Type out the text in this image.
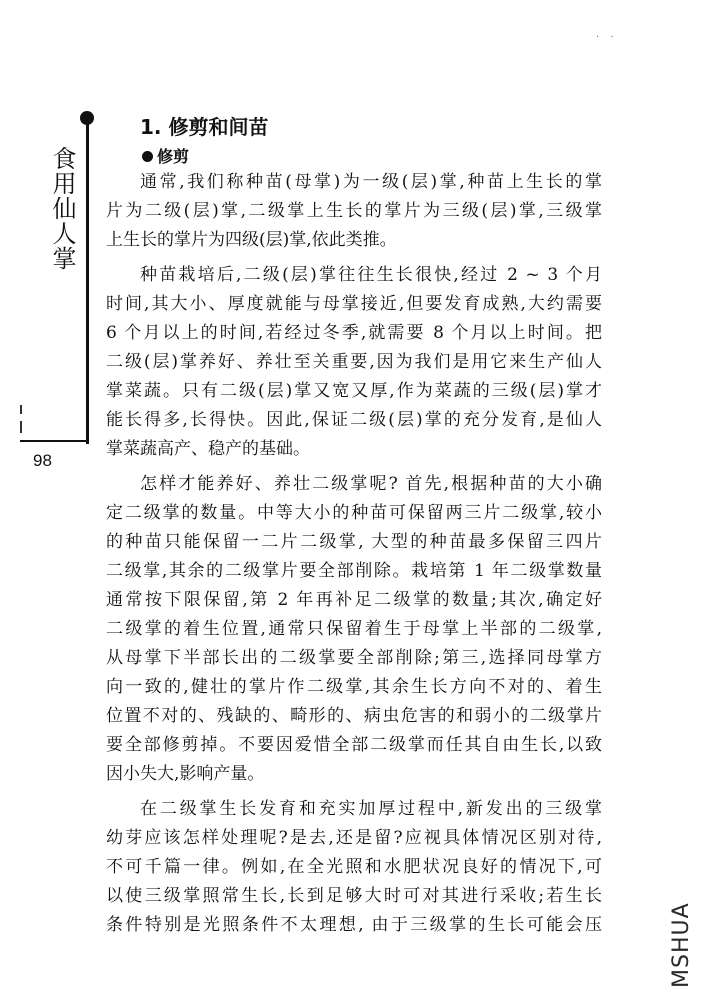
· ·
食用仙人掌
98
1. 修剪和间苗
修剪
通常,我们称种苗(母掌)为一级(层)掌,种苗上生长的掌
片为二级(层)掌,二级掌上生长的掌片为三级(层)掌,三级掌
上生长的掌片为四级(层)掌,依此类推。
种苗栽培后,二级(层)掌往往生长很快,经过 2 ~ 3 个月
时间,其大小、厚度就能与母掌接近,但要发育成熟,大约需要
6 个月以上的时间,若经过冬季,就需要 8 个月以上时间。把
二级(层)掌养好、养壮至关重要,因为我们是用它来生产仙人
掌菜蔬。只有二级(层)掌又宽又厚,作为菜蔬的三级(层)掌才
能长得多,长得快。因此,保证二级(层)掌的充分发育,是仙人
掌菜蔬高产、稳产的基础。
怎样才能养好、养壮二级掌呢? 首先,根据种苗的大小确
定二级掌的数量。中等大小的种苗可保留两三片二级掌,较小
的种苗只能保留一二片二级掌, 大型的种苗最多保留三四片
二级掌,其余的二级掌片要全部削除。栽培第 1 年二级掌数量
通常按下限保留,第 2 年再补足二级掌的数量;其次,确定好
二级掌的着生位置,通常只保留着生于母掌上半部的二级掌,
从母掌下半部长出的二级掌要全部削除;第三,选择同母掌方
向一致的,健壮的掌片作二级掌,其余生长方向不对的、着生
位置不对的、残缺的、畸形的、病虫危害的和弱小的二级掌片
要全部修剪掉。不要因爱惜全部二级掌而任其自由生长,以致
因小失大,影响产量。
在二级掌生长发育和充实加厚过程中,新发出的三级掌
幼芽应该怎样处理呢?是去,还是留?应视具体情况区别对待,
不可千篇一律。例如,在全光照和水肥状况良好的情况下,可
以使三级掌照常生长,长到足够大时可对其进行采收;若生长
条件特别是光照条件不太理想, 由于三级掌的生长可能会压	MSHUA
